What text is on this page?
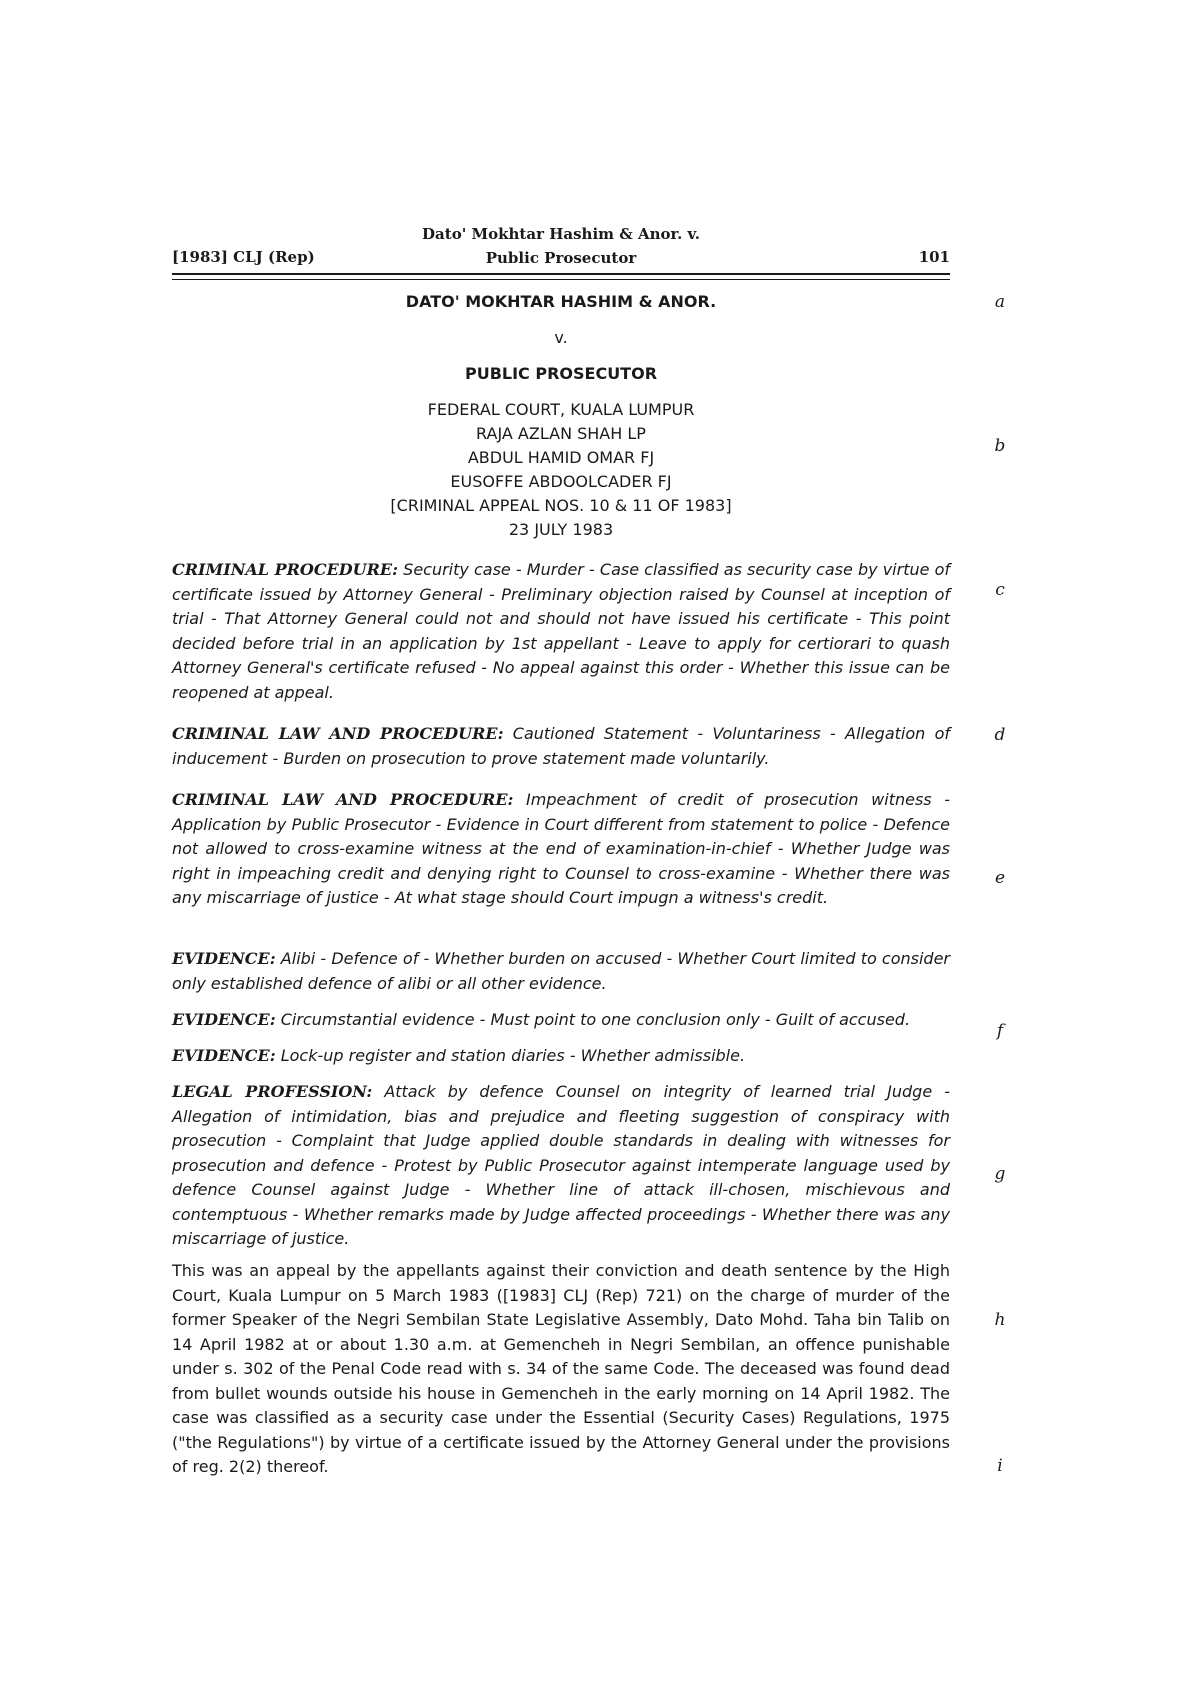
[1983] CLJ (Rep)
Dato' Mokhtar Hashim & Anor. v.
Public Prosecutor	101
a
b
c
d
e
f
g
h
i
DATO' MOKHTAR HASHIM & ANOR.
v.
PUBLIC PROSECUTOR
FEDERAL COURT, KUALA LUMPUR
RAJA AZLAN SHAH LP
ABDUL HAMID OMAR FJ
EUSOFFE ABDOOLCADER FJ
[CRIMINAL APPEAL NOS. 10 & 11 OF 1983]
23 JULY 1983
CRIMINAL PROCEDURE: Security case - Murder - Case classified as security case by virtue of certificate issued by Attorney General - Preliminary objection raised by Counsel at inception of trial - That Attorney General could not and should not have issued his certificate - This point decided before trial in an application by 1st appellant - Leave to apply for certiorari to quash Attorney General's certificate refused - No appeal against this order - Whether this issue can be reopened at appeal.
CRIMINAL LAW AND PROCEDURE: Cautioned Statement - Voluntariness - Allegation of inducement - Burden on prosecution to prove statement made voluntarily.
CRIMINAL LAW AND PROCEDURE: Impeachment of credit of prosecution witness - Application by Public Prosecutor - Evidence in Court different from statement to police - Defence not allowed to cross-examine witness at the end of examination-in-chief - Whether Judge was right in impeaching credit and denying right to Counsel to cross-examine - Whether there was any miscarriage of justice - At what stage should Court impugn a witness's credit.
EVIDENCE: Alibi - Defence of - Whether burden on accused - Whether Court limited to consider only established defence of alibi or all other evidence.
EVIDENCE: Circumstantial evidence - Must point to one conclusion only - Guilt of accused.
EVIDENCE: Lock-up register and station diaries - Whether admissible.
LEGAL PROFESSION: Attack by defence Counsel on integrity of learned trial Judge - Allegation of intimidation, bias and prejudice and fleeting suggestion of conspiracy with prosecution - Complaint that Judge applied double standards in dealing with witnesses for prosecution and defence - Protest by Public Prosecutor against intemperate language used by defence Counsel against Judge - Whether line of attack ill-chosen, mischievous and contemptuous - Whether remarks made by Judge affected proceedings - Whether there was any miscarriage of justice.
This was an appeal by the appellants against their conviction and death sentence by the High Court, Kuala Lumpur on 5 March 1983 ([1983] CLJ (Rep) 721) on the charge of murder of the former Speaker of the Negri Sembilan State Legislative Assembly, Dato Mohd. Taha bin Talib on 14 April 1982 at or about 1.30 a.m. at Gemencheh in Negri Sembilan, an offence punishable under s. 302 of the Penal Code read with s. 34 of the same Code. The deceased was found dead from bullet wounds outside his house in Gemencheh in the early morning on 14 April 1982. The case was classified as a security case under the Essential (Security Cases) Regulations, 1975 ("the Regulations") by virtue of a certificate issued by the Attorney General under the provisions of reg. 2(2) thereof.
